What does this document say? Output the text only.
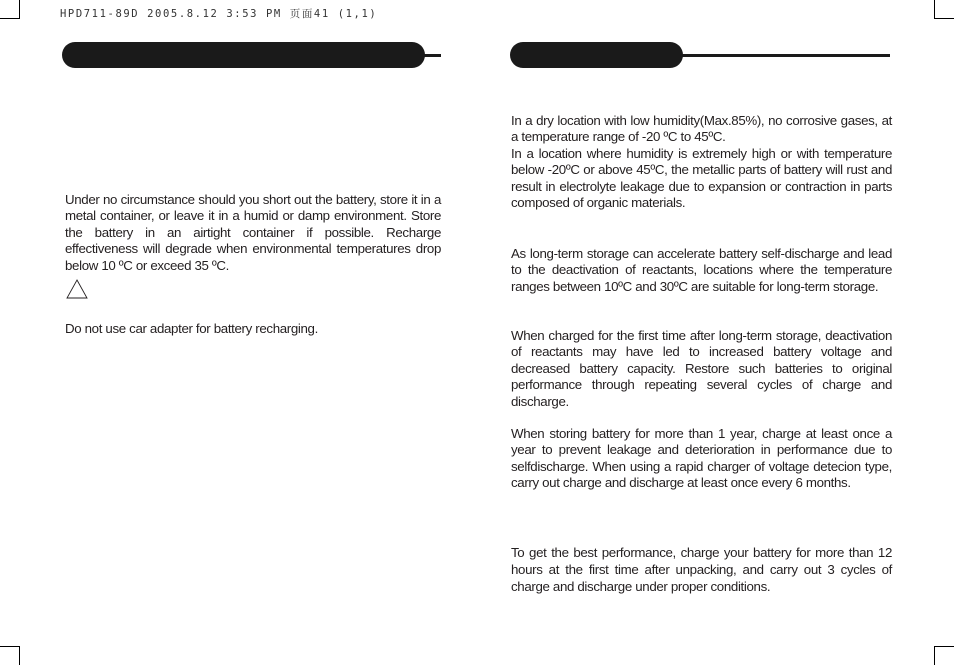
HPD711-89D 2005.8.12 3:53 PM 页面41 (1,1)

Under no circumstance should you short out the battery, store it in a metal container, or leave it in a humid or damp environment. Store the battery in an airtight container if possible. Recharge effectiveness will degrade when environmental temperatures drop below 10 ºC or exceed 35 ºC.

Do not use car adapter for battery recharging.

In a dry location with low humidity(Max.85%), no corrosive gases, at a temperature range of -20 ºC to 45ºC.

In a location where humidity is extremely high or with temperature below -20ºC or above 45ºC, the metallic parts of battery will rust and result in electrolyte leakage due to expansion or contraction in parts composed of organic materials.

As long-term storage can accelerate battery self-discharge and lead to the deactivation of reactants, locations where the temperature ranges between 10ºC and 30ºC are suitable for long-term storage.

When charged for the first time after long-term storage, deactivation of reactants may have led to increased battery voltage and decreased battery capacity. Restore such batteries to original performance through repeating several cycles of charge and discharge.

When storing battery for more than 1 year, charge at least once a year to prevent leakage and deterioration in performance due to selfdischarge. When using a rapid charger of voltage detecion type, carry out charge and discharge at least once every 6 months.

To get the best performance, charge your battery for more than 12 hours at the first time after unpacking, and carry out 3 cycles of charge and discharge under proper conditions.
